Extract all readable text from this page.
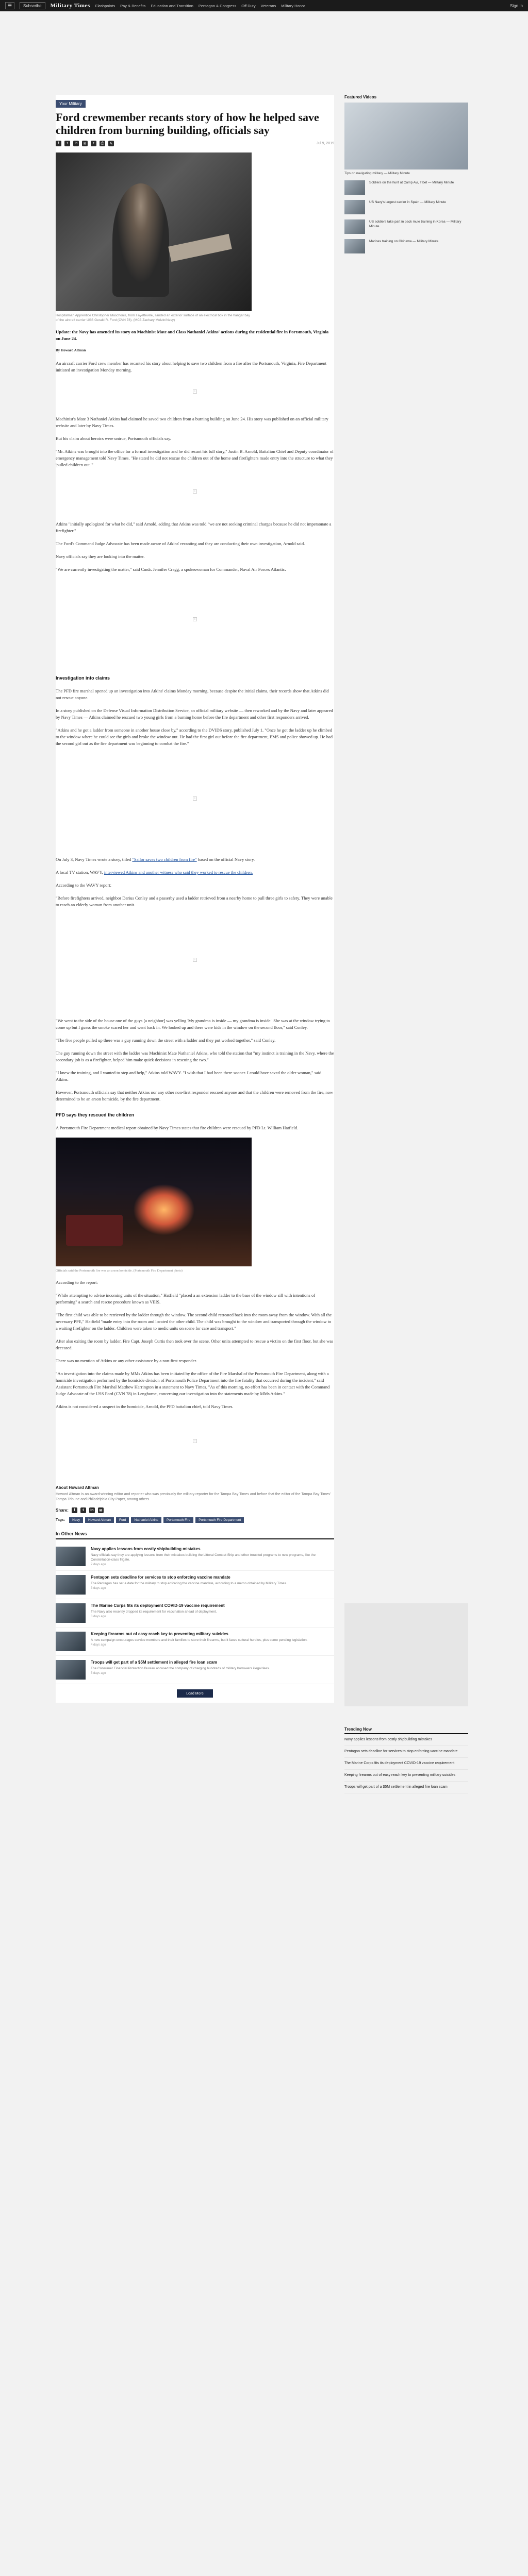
☰	Subscribe	Military Times Flashpoints Pay & Benefits Education and Transition Pentagon & Congress Off Duty Veterans Military Honor	Sign In
Your Military
Ford crewmember recants story of how he helped save children from burning building, officials say
f	t	in	✉	r	⎙	✎	Jul 9, 2019
Hospitalman Apprentice Christopher Maschonis, from Fayetteville, sanded an exterior surface of an electrical box in the hangar bay of the aircraft carrier USS Gerald R. Ford (CVN 78). (MC3 Zachary Melvin/Navy)

Update: the Navy has amended its story on Machinist Mate and Class Nathaniel Atkins' actions during the residential fire in Portsmouth, Virginia on June 24.

By Howard Altman

An aircraft carrier Ford crew member has recanted his story about helping to save two children from a fire after the Portsmouth, Virginia, Fire Department initiated an investigation Monday morning.

i

Machinist's Mate 3 Nathaniel Atkins had claimed he saved two children from a burning building on June 24. His story was published on an official military website and later by Navy Times.

But his claim about heroics were untrue, Portsmouth officials say.

"Mr. Atkins was brought into the office for a formal investigation and he did recant his full story," Justin B. Arnold, Battalion Chief and Deputy coordinator of emergency management told Navy Times. "He stated he did not rescue the children out of the home and firefighters made entry into the structure to what they 'pulled children out.'"

i

Atkins "initially apologized for what he did," said Arnold, adding that Atkins was told "we are not seeking criminal charges because he did not impersonate a firefighter."

The Ford's Command Judge Advocate has been made aware of Atkins' recanting and they are conducting their own investigation, Arnold said.

Navy officials say they are looking into the matter.

"We are currently investigating the matter," said Cmdr. Jennifer Cragg, a spokeswoman for Commander, Naval Air Forces Atlantic.

i
Investigation into claims

The PFD fire marshal opened up an investigation into Atkins' claims Monday morning, because despite the initial claims, their records show that Atkins did not rescue anyone.

In a story published on the Defense Visual Information Distribution Service, an official military website — then reworked and by the Navy and later appeared by Navy Times — Atkins claimed he rescued two young girls from a burning home before the fire department and other first responders arrived.

"Atkins and he got a ladder from someone in another house close by," according to the DVIDS story, published July 1. "Once he got the ladder up he climbed to the window where he could see the girls and broke the window out. He had the first girl out before the fire department, EMS and police showed up. He had the second girl out as the fire department was beginning to combat the fire."

i

On July 3, Navy Times wrote a story, titled "Sailor saves two children from fire" based on the official Navy story.

A local TV station, WAVY, interviewed Atkins and another witness who said they worked to rescue the children.

According to the WAVY report:

"Before firefighters arrived, neighbor Darius Conley and a passerby used a ladder retrieved from a nearby home to pull three girls to safety. They were unable to reach an elderly woman from another unit.

i

"We went to the side of the house one of the guys [a neighbor] was yelling 'My grandma is inside — my grandma is inside.' She was at the window trying to come up but I guess the smoke scared her and went back in. We looked up and there were kids in the window on the second floor," said Conley.

"The five people pulled up there was a guy running down the street with a ladder and they put worked together," said Conley.

The guy running down the street with the ladder was Machinist Mate Nathaniel Atkins, who told the station that "my instinct is training in the Navy, where the secondary job is as a firefighter, helped him make quick decisions in rescuing the two."

"I knew the training, and I wanted to step and help," Atkins told WAVY. "I wish that I had been there sooner. I could have saved the older woman," said Atkins.

However, Portsmouth officials say that neither Atkins nor any other non-first responder rescued anyone and that the children were removed from the fire, now determined to be an arson homicide, by the fire department.

PFD says they rescued the children

A Portsmouth Fire Department medical report obtained by Navy Times states that fire children were rescued by PFD Lt. William Hatfield.

Officials said the Portsmouth fire was an arson homicide. (Portsmouth Fire Department photo)

According to the report:

"While attempting to advise incoming units of the situation," Hatfield "placed a an extension ladder to the base of the window sill with intentions of performing" a search and rescue procedure known as VEIS.

"The first child was able to be retrieved by the ladder through the window. The second child retreated back into the room away from the window. With all the necessary PPE," Hatfield "made entry into the room and located the other child. The child was brought to the window and transported through the window to a waiting firefighter on the ladder. Children were taken to medic units on scene for care and transport."

After also exiting the room by ladder, Fire Capt. Joseph Curtis then took over the scene. Other units attempted to rescue a victim on the first floor, but she was deceased.

There was no mention of Atkins or any other assistance by a non-first responder.

"An investigation into the claims made by MMs Atkins has been initiated by the office of the Fire Marshal of the Portsmouth Fire Department, along with a homicide investigation performed by the homicide division of Portsmouth Police Department into the fire fatality that occurred during the incident," said Assistant Portsmouth Fire Marshal Matthew Harrington in a statement to Navy Times. "As of this morning, no effort has been in contact with the Command Judge Advocate of the USS Ford (CVN 78) in Lenghorne, concerning our investigation into the statements made by MMs Atkins."

Atkins is not considered a suspect in the homicide, Arnold, the PFD battalion chief, told Navy Times.

i
About Howard Altman

Howard Altman is an award-winning editor and reporter who was previously the military reporter for the Tampa Bay Times and before that the editor of the Tampa Bay Times' Tampa Tribune and Philadelphia City Paper, among others.

Share:	f	t	in	✉
Tags:	Navy	Howard Altman	Ford	Nathaniel Atkins	Portsmouth Fire	Portsmouth Fire Department
In Other News
Navy applies lessons from costly shipbuilding mistakes
Navy officials say they are applying lessons from their mistakes building the Littoral Combat Ship and other troubled programs to new programs, like the Constellation-class frigate.
2 days ago
Pentagon sets deadline for services to stop enforcing vaccine mandate
The Pentagon has set a date for the military to stop enforcing the vaccine mandate, according to a memo obtained by Military Times.
3 days ago
The Marine Corps fits its deployment COVID-19 vaccine requirement
The Navy also recently dropped its requirement for vaccination ahead of deployment.
3 days ago
Keeping firearms out of easy reach key to preventing military suicides
A new campaign encourages service members and their families to store their firearms, but it faces cultural hurdles, plus some pending legislation.
4 days ago
Troops will get part of a $5M settlement in alleged fire loan scam
The Consumer Financial Protection Bureau accused the company of charging hundreds of military borrowers illegal fees.
5 days ago
Load More
Featured Videos
Tips on navigating military — Military Minute
Soldiers on the hunt at Camp Avi, Tibet — Military Minute
US Navy's largest carrier in Spain — Military Minute
US soldiers take part in pack mule training in Korea — Military Minute
Marines training on Okinawa — Military Minute
Trending Now
Navy applies lessons from costly shipbuilding mistakes
Pentagon sets deadline for services to stop enforcing vaccine mandate
The Marine Corps fits its deployment COVID-19 vaccine requirement
Keeping firearms out of easy reach key to preventing military suicides
Troops will get part of a $5M settlement in alleged fire loan scam
